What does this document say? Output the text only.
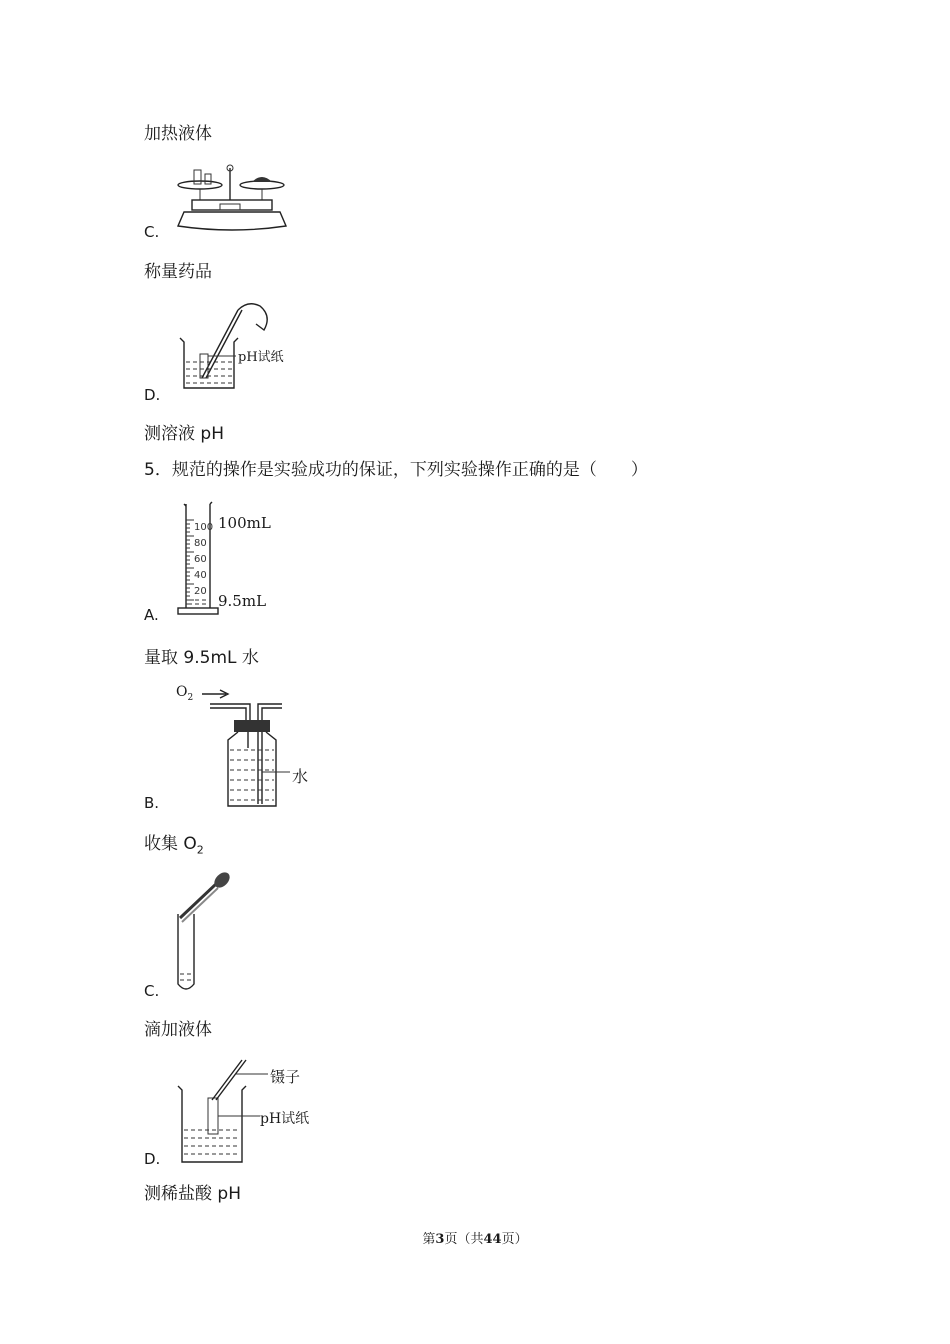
加热液体
C.
称量药品
pH试纸
D.
测溶液 pH
5．规范的操作是实验成功的保证，下列实验操作正确的是（　　）
100
80
60
40
20
100mL
9.5mL
A.
量取 9.5mL 水
$O_2$
水
B.
收集 $O_2$
C.
滴加液体
镊子
pH试纸
D.
测稀盐酸 pH
第3页（共44页）
